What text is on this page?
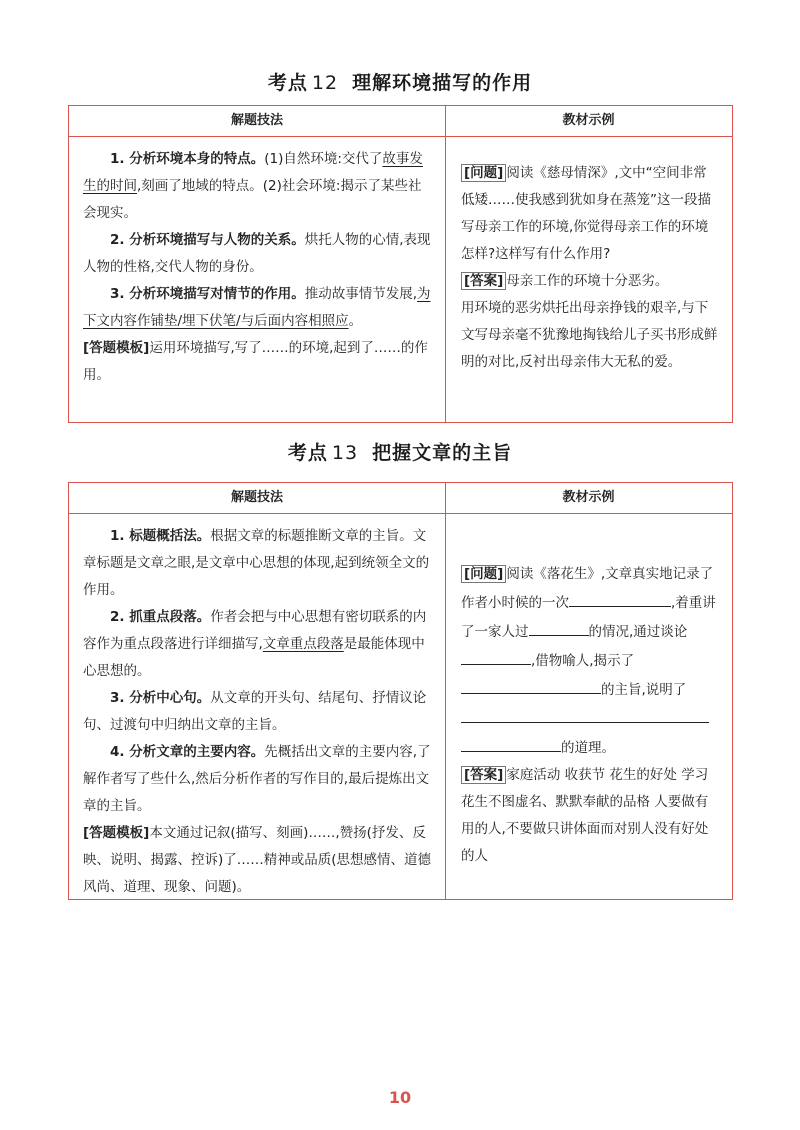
考点 12 理解环境描写的作用
解题技法	教材示例

1. 分析环境本身的特点。(1)自然环境:交代了故事发生的时间,刻画了地域的特点。(2)社会环境:揭示了某些社会现实。

2. 分析环境描写与人物的关系。烘托人物的心情,表现人物的性格,交代人物的身份。

3. 分析环境描写对情节的作用。推动故事情节发展,为下文内容作铺垫/埋下伏笔/与后面内容相照应。

[答题模板]运用环境描写,写了……的环境,起到了……的作用。

[问题] 阅读《慈母情深》,文中“空间非常低矮……使我感到犹如身在蒸笼”这一段描写母亲工作的环境,你觉得母亲工作的环境怎样?这样写有什么作用?

[答案] 母亲工作的环境十分恶劣。

用环境的恶劣烘托出母亲挣钱的艰辛,与下文写母亲毫不犹豫地掏钱给儿子买书形成鲜明的对比,反衬出母亲伟大无私的爱。

考点 13 把握文章的主旨
解题技法	教材示例

1. 标题概括法。根据文章的标题推断文章的主旨。文章标题是文章之眼,是文章中心思想的体现,起到统领全文的作用。

2. 抓重点段落。作者会把与中心思想有密切联系的内容作为重点段落进行详细描写,文章重点段落是最能体现中心思想的。

3. 分析中心句。从文章的开头句、结尾句、抒情议论句、过渡句中归纳出文章的主旨。

4. 分析文章的主要内容。先概括出文章的主要内容,了解作者写了些什么,然后分析作者的写作目的,最后提炼出文章的主旨。

[答题模板]本文通过记叙(描写、刻画)……,赞扬(抒发、反映、说明、揭露、控诉)了……精神或品质(思想感情、道德风尚、道理、现象、问题)。

[问题] 阅读《落花生》,文章真实地记录了作者小时候的一次	,着重讲了一家人过	的情况,通过谈论,借物喻人,揭示了的主旨,说明了的道理。

[答案] 家庭活动 收获节 花生的好处 学习花生不图虚名、默默奉献的品格 人要做有用的人,不要做只讲体面而对别人没有好处的人

10
